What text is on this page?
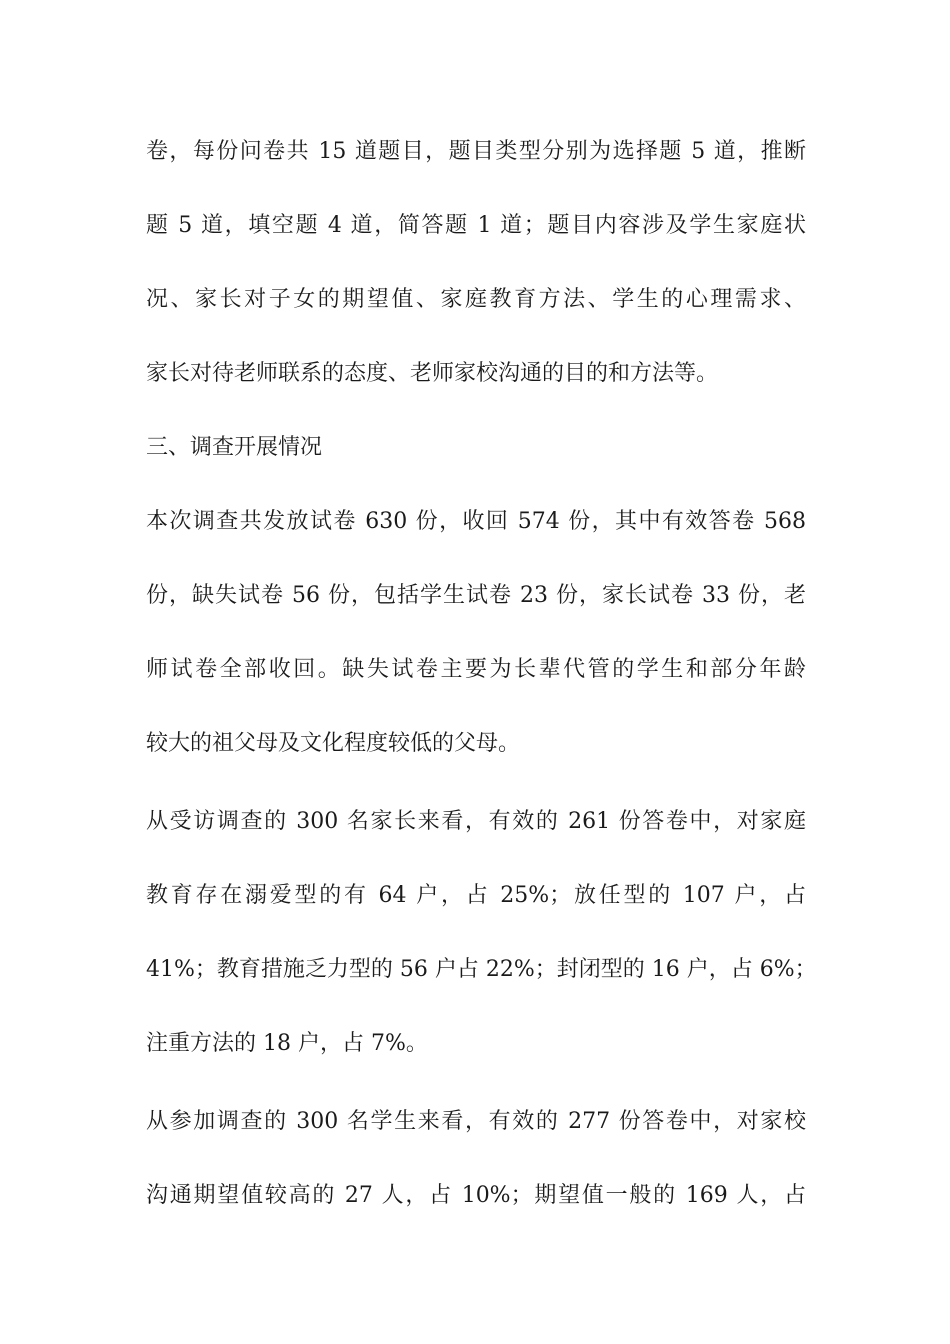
卷，每份问卷共 15 道题目，题目类型分别为选择题 5 道，推断

题 5 道，填空题 4 道，简答题 1 道；题目内容涉及学生家庭状

况、家长对子女的期望值、家庭教育方法、学生的心理需求、

家长对待老师联系的态度、老师家校沟通的目的和方法等。

三、调查开展情况

本次调查共发放试卷 630 份，收回 574 份，其中有效答卷 568

份，缺失试卷 56 份，包括学生试卷 23 份，家长试卷 33 份，老

师试卷全部收回。缺失试卷主要为长辈代管的学生和部分年龄

较大的祖父母及文化程度较低的父母。

从受访调查的 300 名家长来看，有效的 261 份答卷中，对家庭

教育存在溺爱型的有 64 户，占 25%；放任型的 107 户，占

41%；教育措施乏力型的 56 户占 22%；封闭型的 16 户，占 6%；

注重方法的 18 户，占 7%。

从参加调查的 300 名学生来看，有效的 277 份答卷中，对家校

沟通期望值较高的 27 人，占 10%；期望值一般的 169 人，占
